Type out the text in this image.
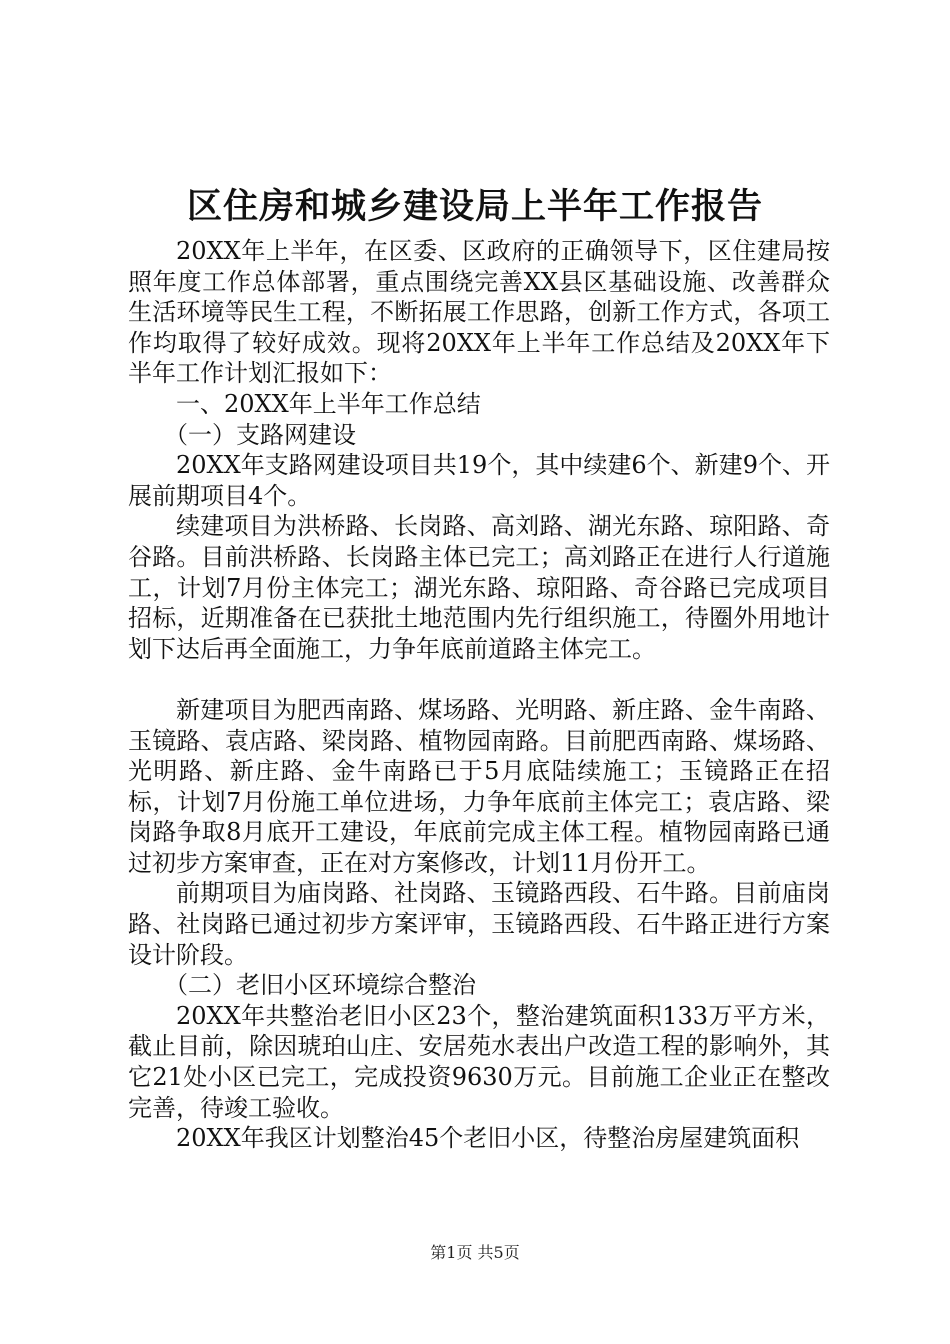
区住房和城乡建设局上半年工作报告

20XX年上半年，在区委、区政府的正确领导下，区住建局按照年度工作总体部署，重点围绕完善XX县区基础设施、改善群众生活环境等民生工程，不断拓展工作思路，创新工作方式，各项工作均取得了较好成效。现将20XX年上半年工作总结及20XX年下半年工作计划汇报如下：

一、20XX年上半年工作总结

（一）支路网建设

20XX年支路网建设项目共19个，其中续建6个、新建9个、开展前期项目4个。

续建项目为洪桥路、长岗路、高刘路、湖光东路、琼阳路、奇谷路。目前洪桥路、长岗路主体已完工；高刘路正在进行人行道施工，计划7月份主体完工；湖光东路、琼阳路、奇谷路已完成项目招标，近期准备在已获批土地范围内先行组织施工，待圈外用地计划下达后再全面施工，力争年底前道路主体完工。

新建项目为肥西南路、煤场路、光明路、新庄路、金牛南路、玉镜路、袁店路、梁岗路、植物园南路。目前肥西南路、煤场路、光明路、新庄路、金牛南路已于5月底陆续施工；玉镜路正在招标，计划7月份施工单位进场，力争年底前主体完工；袁店路、梁岗路争取8月底开工建设，年底前完成主体工程。植物园南路已通过初步方案审查，正在对方案修改，计划11月份开工。

前期项目为庙岗路、社岗路、玉镜路西段、石牛路。目前庙岗路、社岗路已通过初步方案评审，玉镜路西段、石牛路正进行方案设计阶段。

（二）老旧小区环境综合整治

20XX年共整治老旧小区23个，整治建筑面积133万平方米，截止目前，除因琥珀山庄、安居苑水表出户改造工程的影响外，其它21处小区已完工，完成投资9630万元。目前施工企业正在整改完善，待竣工验收。

20XX年我区计划整治45个老旧小区，待整治房屋建筑面积

第1页 共5页
